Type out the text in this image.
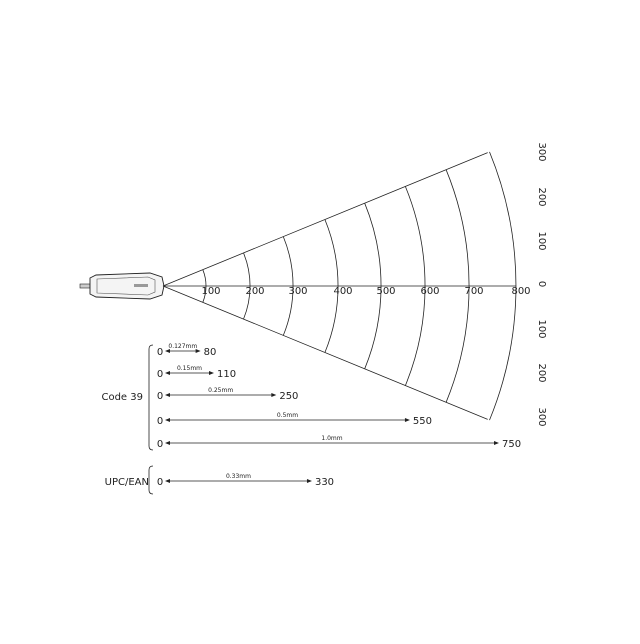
100 200 300	400 500 600 700	800
300
200
100
0
100
200
300
Code 39
0
0.127mm
80
0
0.15mm
110
0
0.25mm
250
0
0.5mm
550
0
1.0mm
750
UPC/EAN 0
0.33mm
330
